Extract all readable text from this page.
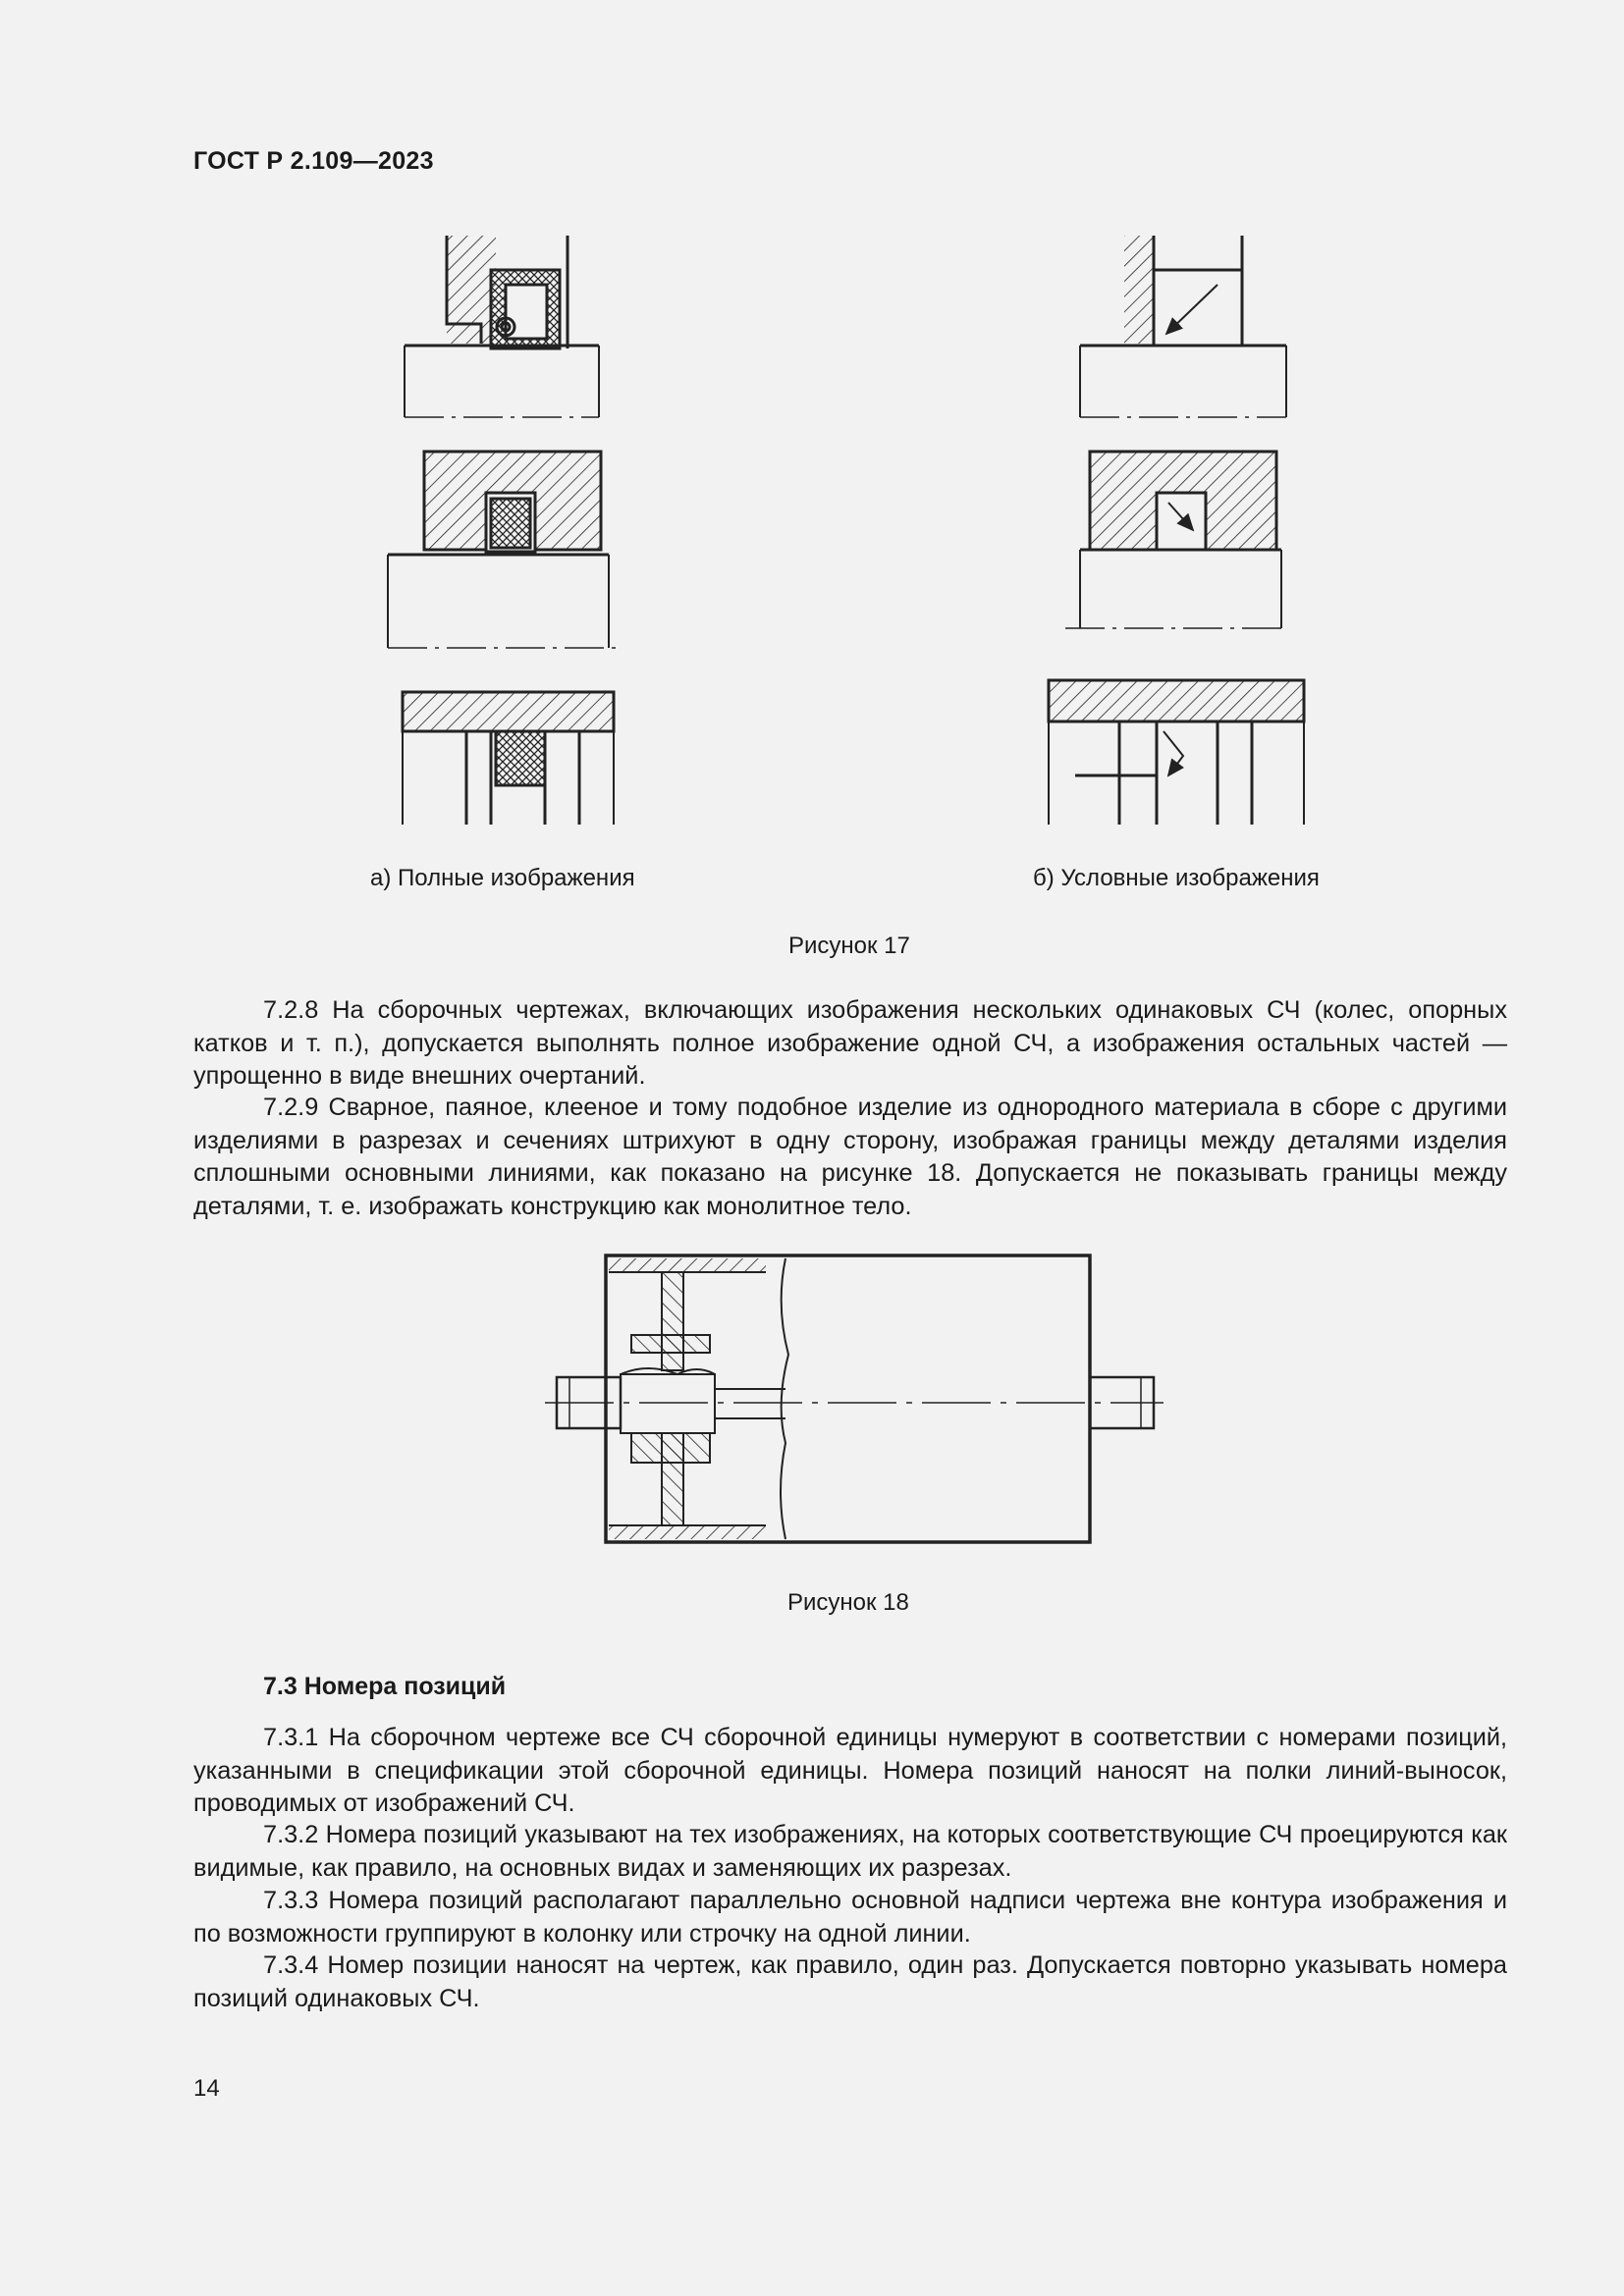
ГОСТ Р 2.109—2023
а) Полные изображения	б) Условные изображения
Рисунок 17

7.2.8 На сборочных чертежах, включающих изображения нескольких одинаковых СЧ (колес, опорных катков и т. п.), допускается выполнять полное изображение одной СЧ, а изображения остальных частей — упрощенно в виде внешних очертаний.

7.2.9 Сварное, паяное, клееное и тому подобное изделие из однородного материала в сборе с другими изделиями в разрезах и сечениях штрихуют в одну сторону, изображая границы между деталями изделия сплошными основными линиями, как показано на рисунке 18. Допускается не показывать границы между деталями, т. е. изображать конструкцию как монолитное тело.

Рисунок 18
7.3 Номера позиций

7.3.1 На сборочном чертеже все СЧ сборочной единицы нумеруют в соответствии с номерами позиций, указанными в спецификации этой сборочной единицы. Номера позиций наносят на полки линий-выносок, проводимых от изображений СЧ.

7.3.2 Номера позиций указывают на тех изображениях, на которых соответствующие СЧ проецируются как видимые, как правило, на основных видах и заменяющих их разрезах.

7.3.3 Номера позиций располагают параллельно основной надписи чертежа вне контура изображения и по возможности группируют в колонку или строчку на одной линии.

7.3.4 Номер позиции наносят на чертеж, как правило, один раз. Допускается повторно указывать номера позиций одинаковых СЧ.

14
